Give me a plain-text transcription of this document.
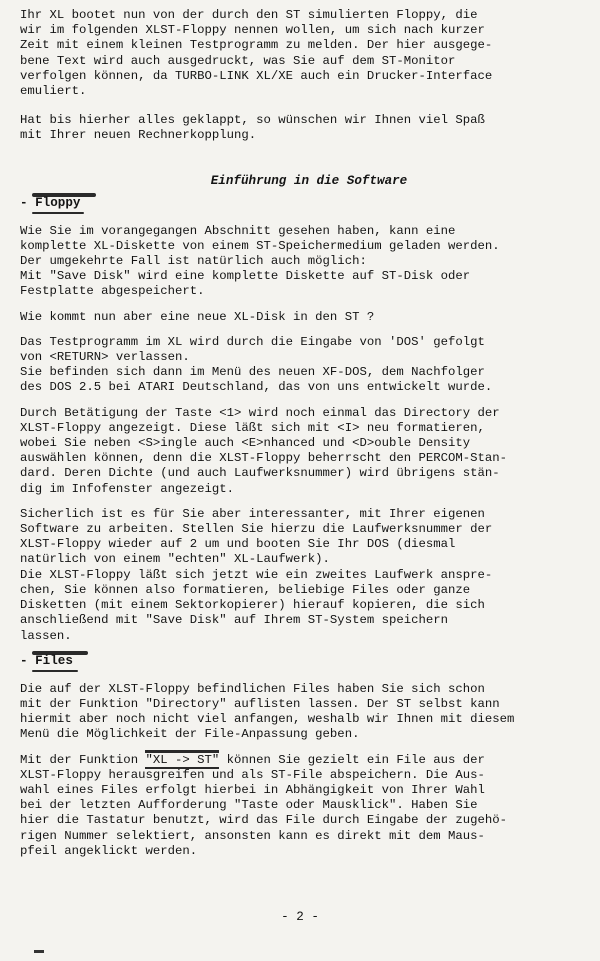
Ihr XL bootet nun von der durch den ST simulierten Floppy, die
wir im folgenden XLST-Floppy nennen wollen, um sich nach kurzer
Zeit mit einem kleinen Testprogramm zu melden. Der hier ausgege-
bene Text wird auch ausgedruckt, was Sie auf dem ST-Monitor
verfolgen können, da TURBO-LINK XL/XE auch ein Drucker-Interface
emuliert.

Hat bis hierher alles geklappt, so wünschen wir Ihnen viel Spaß
mit Ihrer neuen Rechnerkopplung.

Einführung in die Software

- Floppy

Wie Sie im vorangegangen Abschnitt gesehen haben, kann eine
komplette XL-Diskette von einem ST-Speichermedium geladen werden.
Der umgekehrte Fall ist natürlich auch möglich:
Mit "Save Disk" wird eine komplette Diskette auf ST-Disk oder
Festplatte abgespeichert.

Wie kommt nun aber eine neue XL-Disk in den ST ?

Das Testprogramm im XL wird durch die Eingabe von 'DOS' gefolgt
von <RETURN> verlassen.
Sie befinden sich dann im Menü des neuen XF-DOS, dem Nachfolger
des DOS 2.5 bei ATARI Deutschland, das von uns entwickelt wurde.

Durch Betätigung der Taste <1> wird noch einmal das Directory der
XLST-Floppy angezeigt. Diese läßt sich mit <I> neu formatieren,
wobei Sie neben <S>ingle auch <E>nhanced und <D>ouble Density
auswählen können, denn die XLST-Floppy beherrscht den PERCOM-Stan-
dard. Deren Dichte (und auch Laufwerksnummer) wird übrigens stän-
dig im Infofenster angezeigt.

Sicherlich ist es für Sie aber interessanter, mit Ihrer eigenen
Software zu arbeiten. Stellen Sie hierzu die Laufwerksnummer der
XLST-Floppy wieder auf 2 um und booten Sie Ihr DOS (diesmal
natürlich von einem "echten" XL-Laufwerk).
Die XLST-Floppy läßt sich jetzt wie ein zweites Laufwerk anspre-
chen, Sie können also formatieren, beliebige Files oder ganze
Disketten (mit einem Sektorkopierer) hierauf kopieren, die sich
anschließend mit "Save Disk" auf Ihrem ST-System speichern
lassen.

- Files

Die auf der XLST-Floppy befindlichen Files haben Sie sich schon
mit der Funktion "Directory" auflisten lassen. Der ST selbst kann
hiermit aber noch nicht viel anfangen, weshalb wir Ihnen mit diesem
Menü die Möglichkeit der File-Anpassung geben.

Mit der Funktion "XL -> ST" können Sie gezielt ein File aus der
XLST-Floppy herausgreifen und als ST-File abspeichern. Die Aus-
wahl eines Files erfolgt hierbei in Abhängigkeit von Ihrer Wahl
bei der letzten Aufforderung "Taste oder Mausklick". Haben Sie
hier die Tastatur benutzt, wird das File durch Eingabe der zugehö-
rigen Nummer selektiert, ansonsten kann es direkt mit dem Maus-
pfeil angeklickt werden.

- 2 -
